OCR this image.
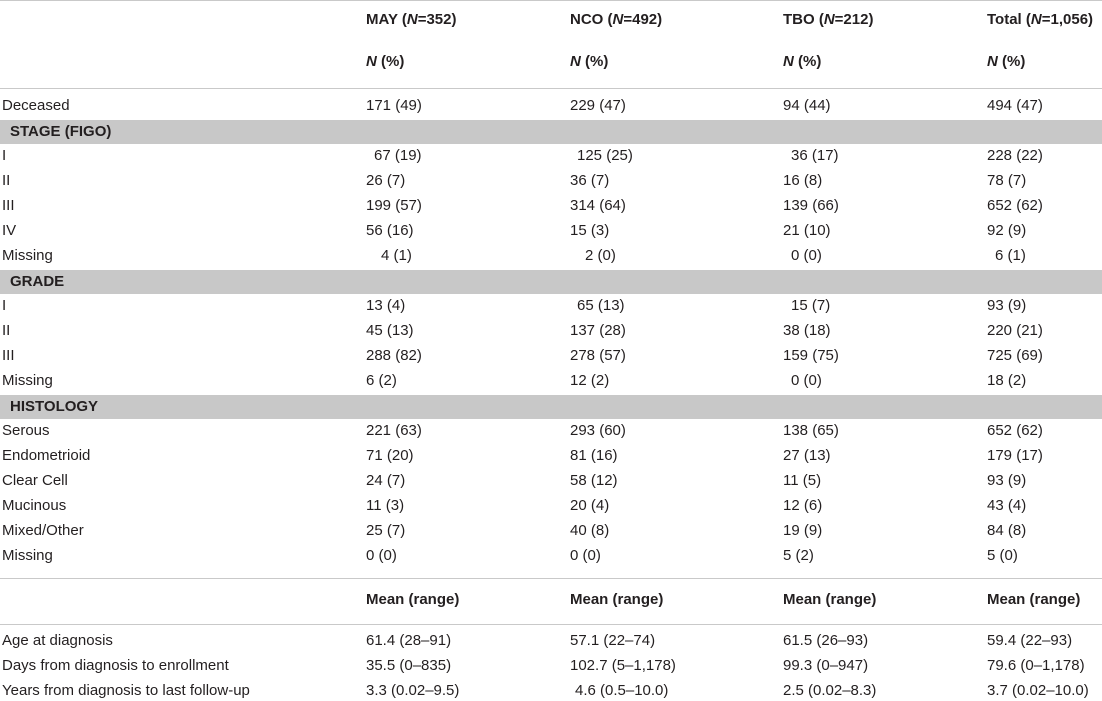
MAY (N=352)	NCO (N=492)	TBO (N=212)	Total (N=1,056)
N (%)	N (%)	N (%)	N (%)
Deceased	171 (49)	229 (47)	94 (44)	494 (47)
STAGE (FIGO)
I	67 (19)	125 (25)	36 (17)	228 (22)
II	26 (7)	36 (7)	16 (8)	78 (7)
III	199 (57)	314 (64)	139 (66)	652 (62)
IV	56 (16)	15 (3)	21 (10)	92 (9)
Missing	4 (1)	2 (0)	0 (0)	6 (1)
GRADE
I	13 (4)	65 (13)	15 (7)	93 (9)
II	45 (13)	137 (28)	38 (18)	220 (21)
III	288 (82)	278 (57)	159 (75)	725 (69)
Missing	6 (2)	12 (2)	0 (0)	18 (2)
HISTOLOGY
Serous	221 (63)	293 (60)	138 (65)	652 (62)
Endometrioid	71 (20)	81 (16)	27 (13)	179 (17)
Clear Cell	24 (7)	58 (12)	11 (5)	93 (9)
Mucinous	11 (3)	20 (4)	12 (6)	43 (4)
Mixed/Other	25 (7)	40 (8)	19 (9)	84 (8)
Missing	0 (0)	0 (0)	5 (2)	5 (0)
Mean (range)	Mean (range)	Mean (range)	Mean (range)
Age at diagnosis	61.4 (28–91)	57.1 (22–74)	61.5 (26–93)	59.4 (22–93)
Days from diagnosis to enrollment	35.5 (0–835)	102.7 (5–1,178)	99.3 (0–947)	79.6 (0–1,178)
Years from diagnosis to last follow-up	3.3 (0.02–9.5)	4.6 (0.5–10.0)	2.5 (0.02–8.3)	3.7 (0.02–10.0)
